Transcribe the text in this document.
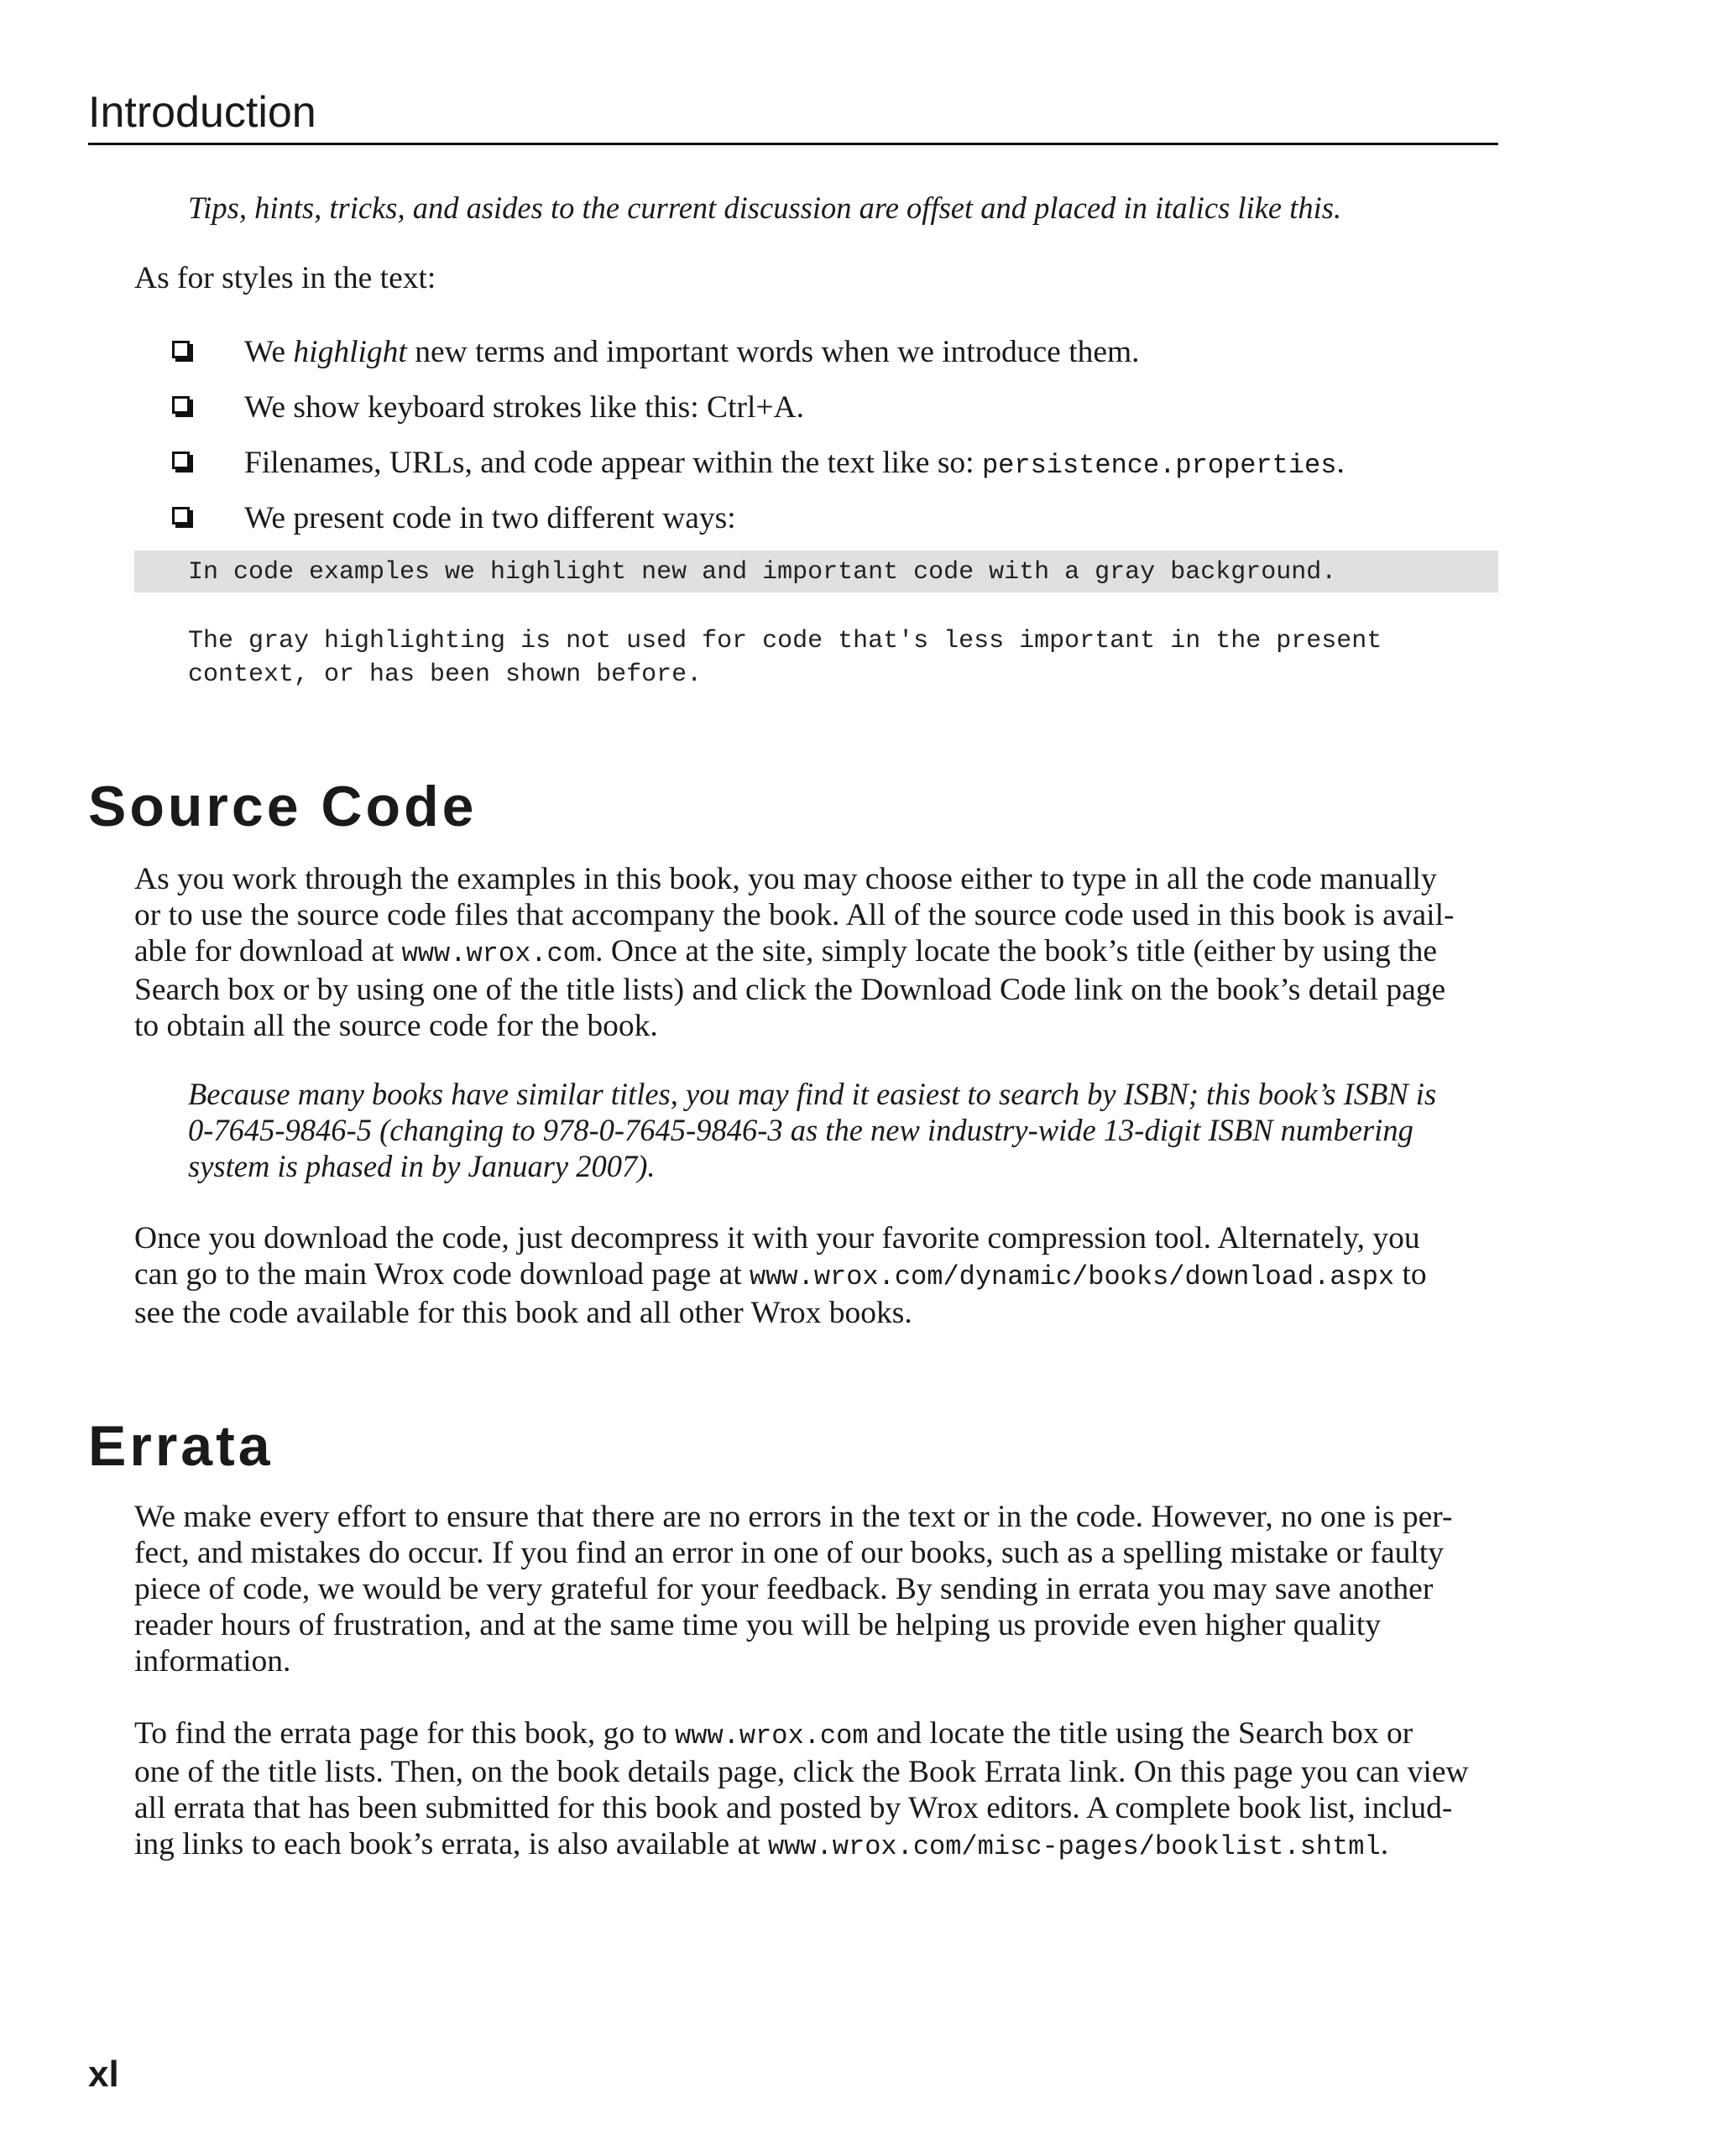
Introduction
Tips, hints, tricks, and asides to the current discussion are offset and placed in italics like this.
As for styles in the text:
We highlight new terms and important words when we introduce them.
We show keyboard strokes like this: Ctrl+A.
Filenames, URLs, and code appear within the text like so: persistence.properties.
We present code in two different ways:
In code examples we highlight new and important code with a gray background.
The gray highlighting is not used for code that's less important in the present
context, or has been shown before.
Source Code
As you work through the examples in this book, you may choose either to type in all the code manually
or to use the source code files that accompany the book. All of the source code used in this book is avail-
able for download at www.wrox.com. Once at the site, simply locate the book’s title (either by using the
Search box or by using one of the title lists) and click the Download Code link on the book’s detail page
to obtain all the source code for the book.
Because many books have similar titles, you may find it easiest to search by ISBN; this book’s ISBN is
0-7645-9846-5 (changing to 978-0-7645-9846-3 as the new industry-wide 13-digit ISBN numbering
system is phased in by January 2007).
Once you download the code, just decompress it with your favorite compression tool. Alternately, you
can go to the main Wrox code download page at www.wrox.com/dynamic/books/download.aspx to
see the code available for this book and all other Wrox books.
Errata
We make every effort to ensure that there are no errors in the text or in the code. However, no one is per-
fect, and mistakes do occur. If you find an error in one of our books, such as a spelling mistake or faulty
piece of code, we would be very grateful for your feedback. By sending in errata you may save another
reader hours of frustration, and at the same time you will be helping us provide even higher quality
information.
To find the errata page for this book, go to www.wrox.com and locate the title using the Search box or
one of the title lists. Then, on the book details page, click the Book Errata link. On this page you can view
all errata that has been submitted for this book and posted by Wrox editors. A complete book list, includ-
ing links to each book’s errata, is also available at www.wrox.com/misc-pages/booklist.shtml.
xl
